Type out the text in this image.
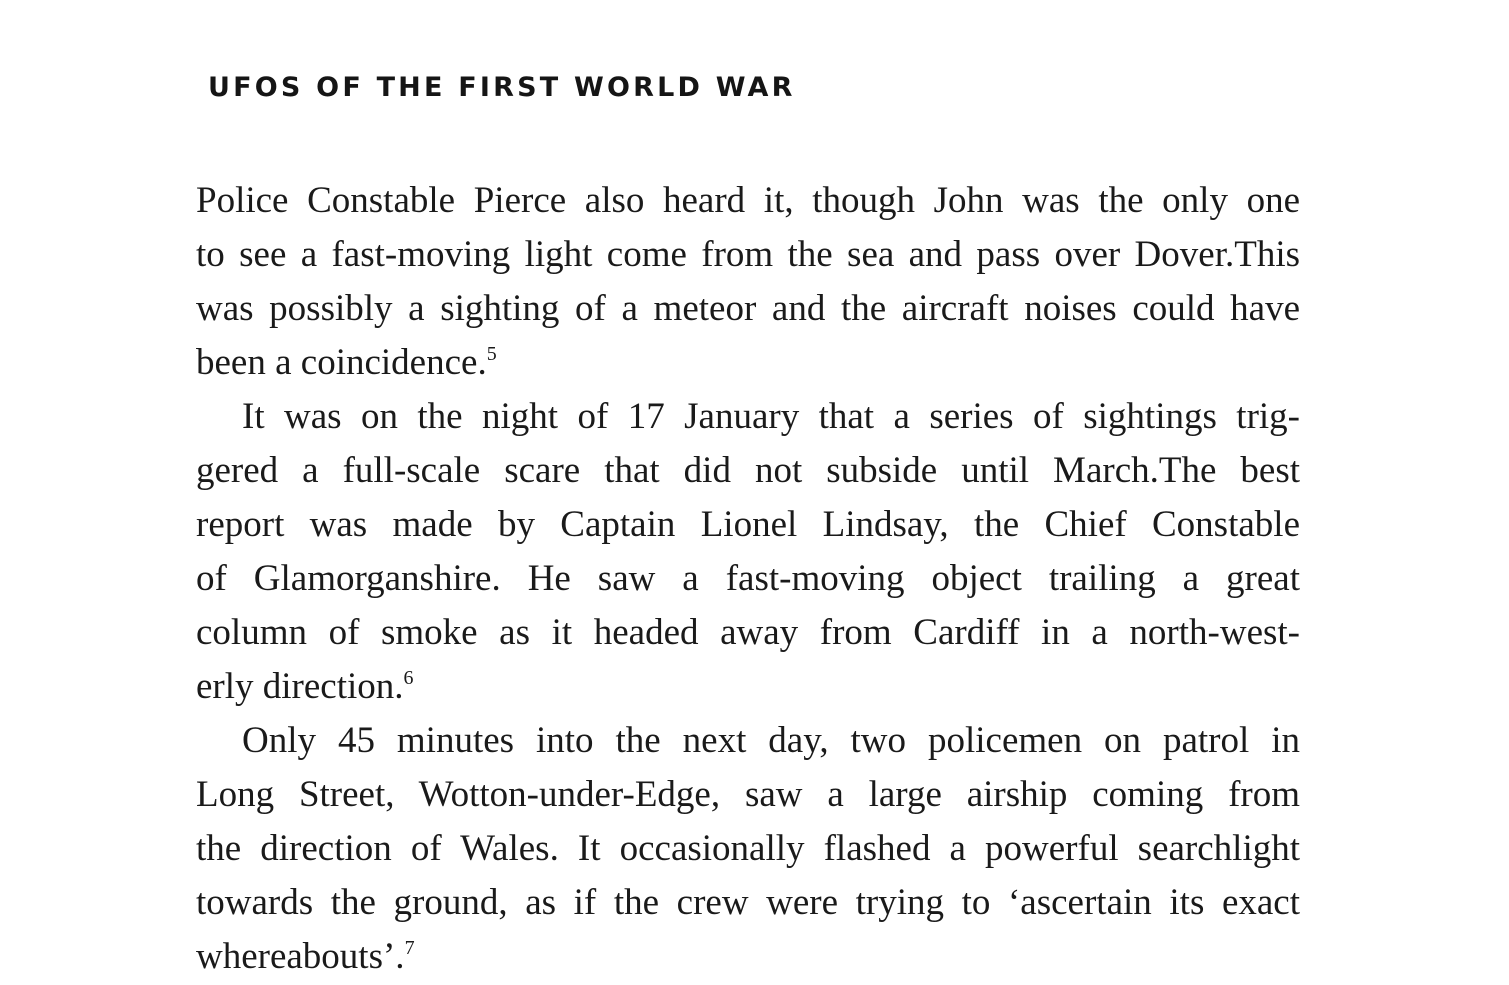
UFOS OF THE FIRST WORLD WAR

Police Constable Pierce also heard it, though John was the only one
to see a fast-moving light come from the sea and pass over Dover.This
was possibly a sighting of a meteor and the aircraft noises could have
been a coincidence.$^5$

It was on the night of 17 January that a series of sightings trig-
gered a full-scale scare that did not subside until March.The best
report was made by Captain Lionel Lindsay, the Chief Constable
of Glamorganshire. He saw a fast-moving object trailing a great
column of smoke as it headed away from Cardiff in a north-west-
erly direction.$^6$

Only 45 minutes into the next day, two policemen on patrol in
Long Street, Wotton-under-Edge, saw a large airship coming from
the direction of Wales. It occasionally flashed a powerful searchlight
towards the ground, as if the crew were trying to ‘ascertain its exact
whereabouts’.$^7$
